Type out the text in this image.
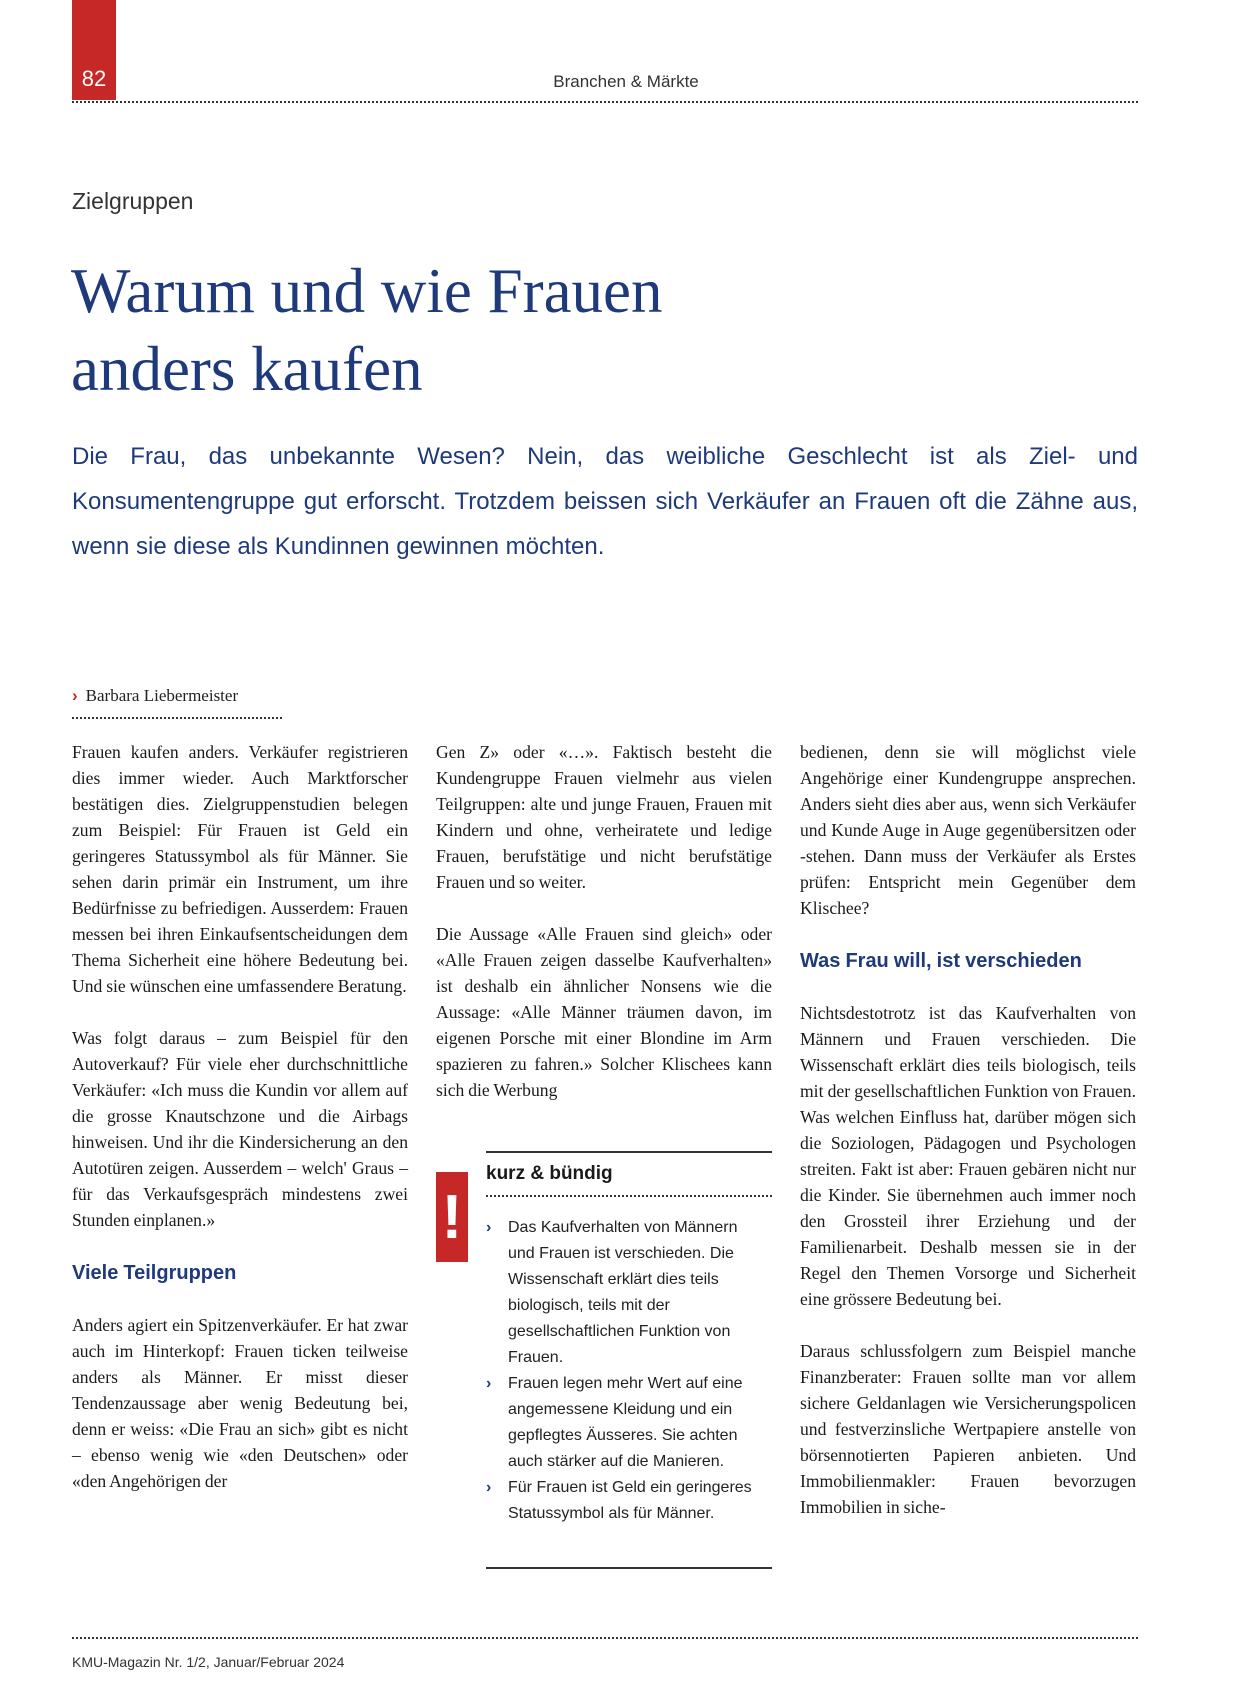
82	Branchen & Märkte
Zielgruppen
Warum und wie Frauen
anders kaufen

Die Frau, das unbekannte Wesen? Nein, das weibliche Geschlecht ist als Ziel- und Konsumentengruppe gut erforscht. Trotzdem beissen sich Verkäufer an Frauen oft die Zähne aus, wenn sie diese als Kundinnen gewinnen möchten.

› Barbara Liebermeister

Frauen kaufen anders. Verkäufer registrieren dies immer wieder. Auch Marktforscher bestätigen dies. Zielgruppenstudien belegen zum Beispiel: Für Frauen ist Geld ein geringeres Statussymbol als für Männer. Sie sehen darin primär ein Instrument, um ihre Bedürfnisse zu befriedigen. Ausserdem: Frauen messen bei ihren Einkaufsentscheidungen dem Thema Sicherheit eine höhere Bedeutung bei. Und sie wünschen eine umfassendere Beratung.

Was folgt daraus – zum Beispiel für den Autoverkauf? Für viele eher durchschnittliche Verkäufer: «Ich muss die Kundin vor allem auf die grosse Knautschzone und die Airbags hinweisen. Und ihr die Kindersicherung an den Autotüren zeigen. Ausserdem – welch' Graus – für das Verkaufsgespräch mindestens zwei Stunden einplanen.»

Viele Teilgruppen

Anders agiert ein Spitzenverkäufer. Er hat zwar auch im Hinterkopf: Frauen ticken teilweise anders als Männer. Er misst dieser Tendenzaussage aber wenig Bedeutung bei, denn er weiss: «Die Frau an sich» gibt es nicht – ebenso wenig wie «den Deutschen» oder «den Angehörigen der

Gen Z» oder «…». Faktisch besteht die Kundengruppe Frauen vielmehr aus vielen Teilgruppen: alte und junge Frauen, Frauen mit Kindern und ohne, verheiratete und ledige Frauen, berufstätige und nicht berufstätige Frauen und so weiter.

Die Aussage «Alle Frauen sind gleich» oder «Alle Frauen zeigen dasselbe Kaufverhalten» ist deshalb ein ähnlicher Nonsens wie die Aussage: «Alle Männer träumen davon, im eigenen Porsche mit einer Blondine im Arm spazieren zu fahren.» Solcher Klischees kann sich die Werbung

!
kurz & bündig
› Das Kaufverhalten von Männern und Frauen ist verschieden. Die Wissenschaft erklärt dies teils biologisch, teils mit der gesellschaftlichen Funktion von Frauen.
› Frauen legen mehr Wert auf eine angemessene Kleidung und ein gepflegtes Äusseres. Sie achten auch stärker auf die Manieren.
› Für Frauen ist Geld ein geringeres Statussymbol als für Männer.

bedienen, denn sie will möglichst viele Angehörige einer Kundengruppe ansprechen. Anders sieht dies aber aus, wenn sich Verkäufer und Kunde Auge in Auge gegenübersitzen oder -stehen. Dann muss der Verkäufer als Erstes prüfen: Entspricht mein Gegenüber dem Klischee?

Was Frau will, ist verschieden

Nichtsdestotrotz ist das Kaufverhalten von Männern und Frauen verschieden. Die Wissenschaft erklärt dies teils biologisch, teils mit der gesellschaftlichen Funktion von Frauen. Was welchen Einfluss hat, darüber mögen sich die Soziologen, Pädagogen und Psychologen streiten. Fakt ist aber: Frauen gebären nicht nur die Kinder. Sie übernehmen auch immer noch den Grossteil ihrer Erziehung und der Familienarbeit. Deshalb messen sie in der Regel den Themen Vorsorge und Sicherheit eine grössere Bedeutung bei.

Daraus schlussfolgern zum Beispiel manche Finanzberater: Frauen sollte man vor allem sichere Geldanlagen wie Versicherungspolicen und festverzinsliche Wertpapiere anstelle von börsennotierten Papieren anbieten. Und Immobilienmakler: Frauen bevorzugen Immobilien in siche-

KMU-Magazin Nr. 1/2, Januar/Februar 2024
